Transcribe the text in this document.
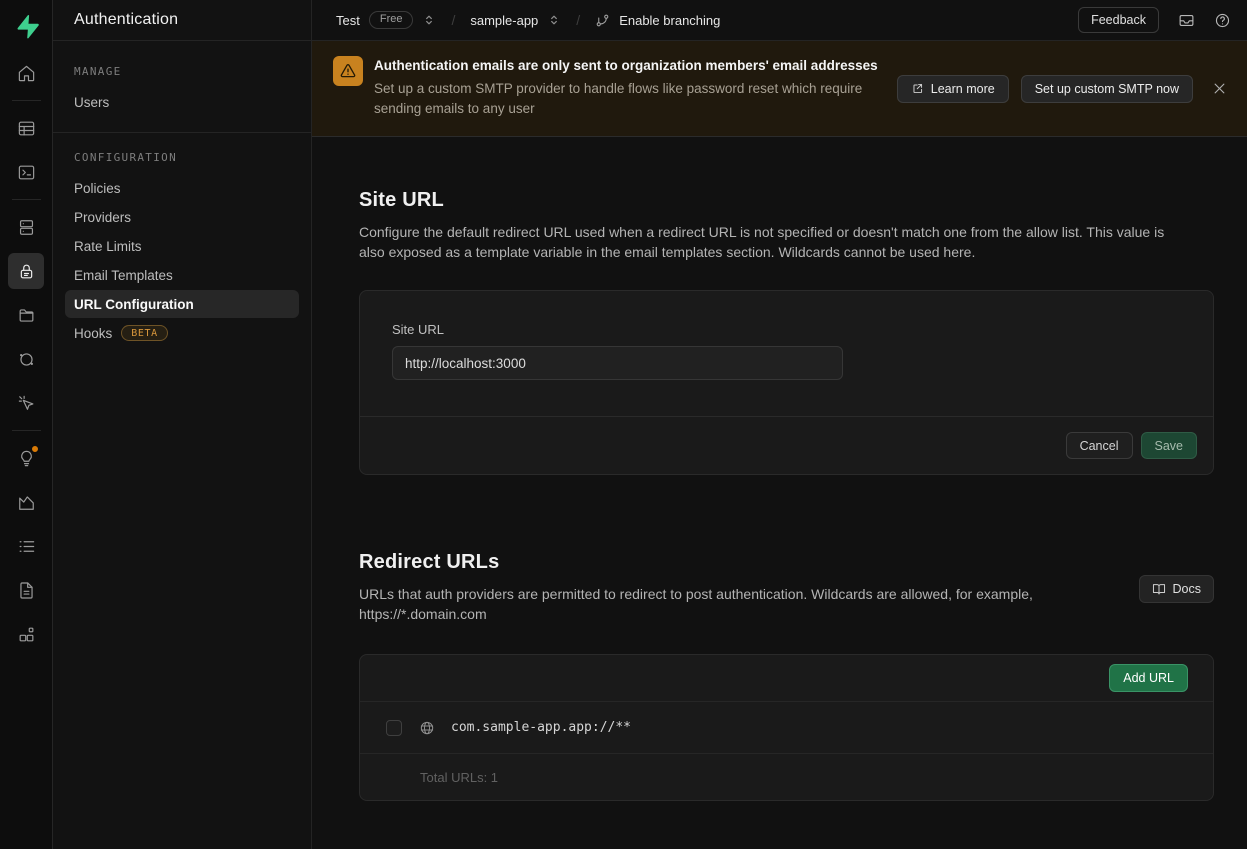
Authentication
MANAGE
Users
CONFIGURATION
Policies
Providers
Rate Limits
Email Templates
URL Configuration
Hooks	BETA
Test	Free	/ sample-app	/	Enable branching	Feedback
Authentication emails are only sent to organization members' email addresses
Set up a custom SMTP provider to handle flows like password reset which require sending emails to any user
Learn more	Set up custom SMTP now
Site URL

Configure the default redirect URL used when a redirect URL is not specified or doesn't match one from the allow list. This value is also exposed as a template variable in the email templates section. Wildcards cannot be used here.

Site URL
http://localhost:3000
Cancel	Save
Redirect URLs

URLs that auth providers are permitted to redirect to post authentication. Wildcards are allowed, for example, https://*.domain.com

Docs
Add URL
com.sample-app.app://**
Total URLs: 1
